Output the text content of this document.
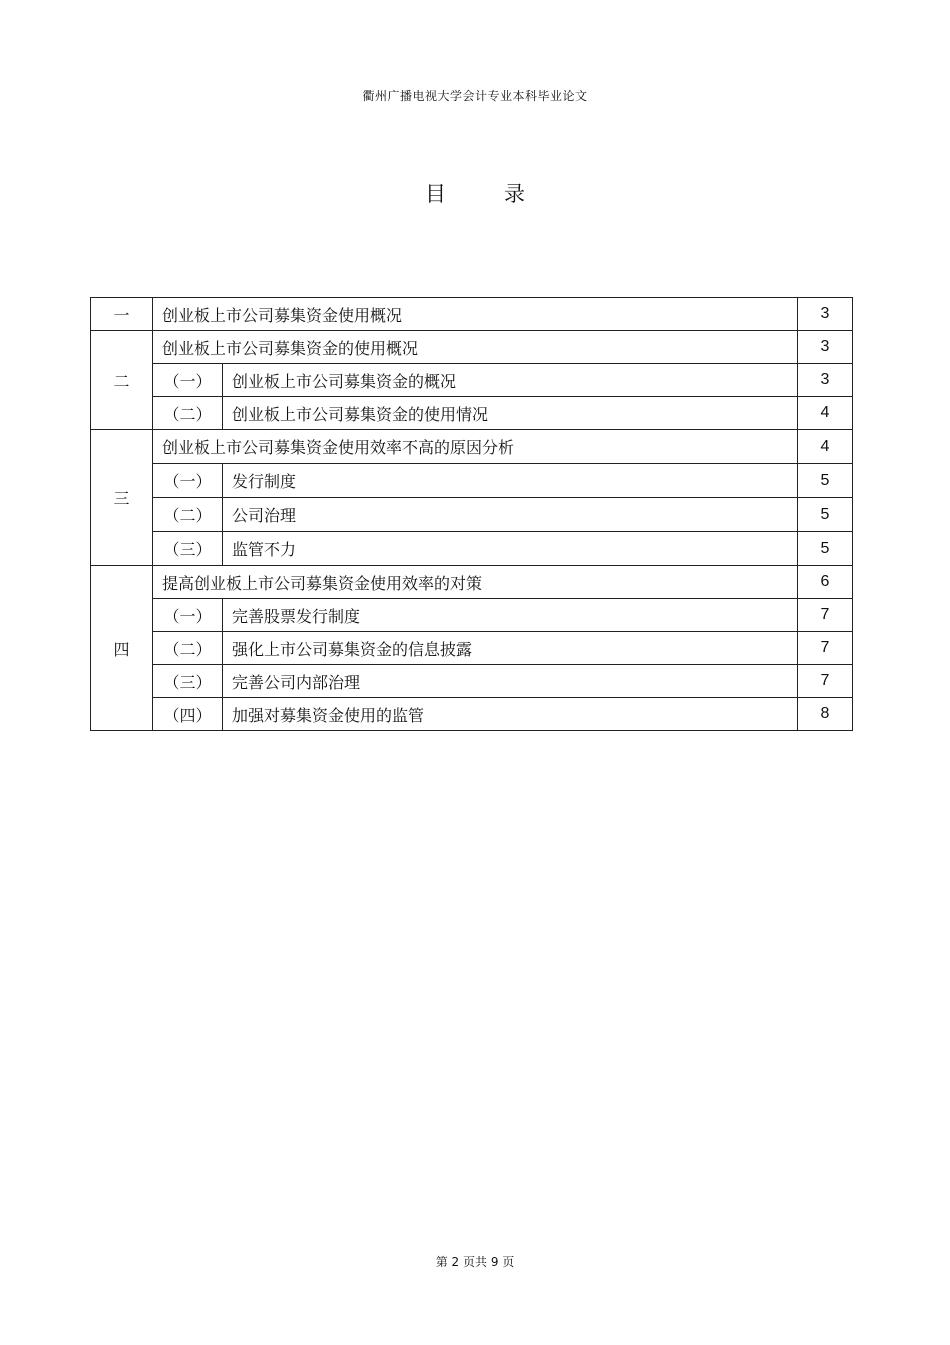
衢州广播电视大学会计专业本科毕业论文
目	录
一	创业板上市公司募集资金使用概况		3
二	创业板上市公司募集资金的使用概况		3
	（一）	创业板上市公司募集资金的概况	3
	（二）	创业板上市公司募集资金的使用情况	4
三	创业板上市公司募集资金使用效率不高的原因分析		4
	（一）	发行制度	5
	（二）	公司治理	5
	（三）	监管不力	5
四	提高创业板上市公司募集资金使用效率的对策		6
	（一）	完善股票发行制度	7
	（二）	强化上市公司募集资金的信息披露	7
	（三）	完善公司内部治理	7
	（四）	加强对募集资金使用的监管	8
第 2 页共 9 页
